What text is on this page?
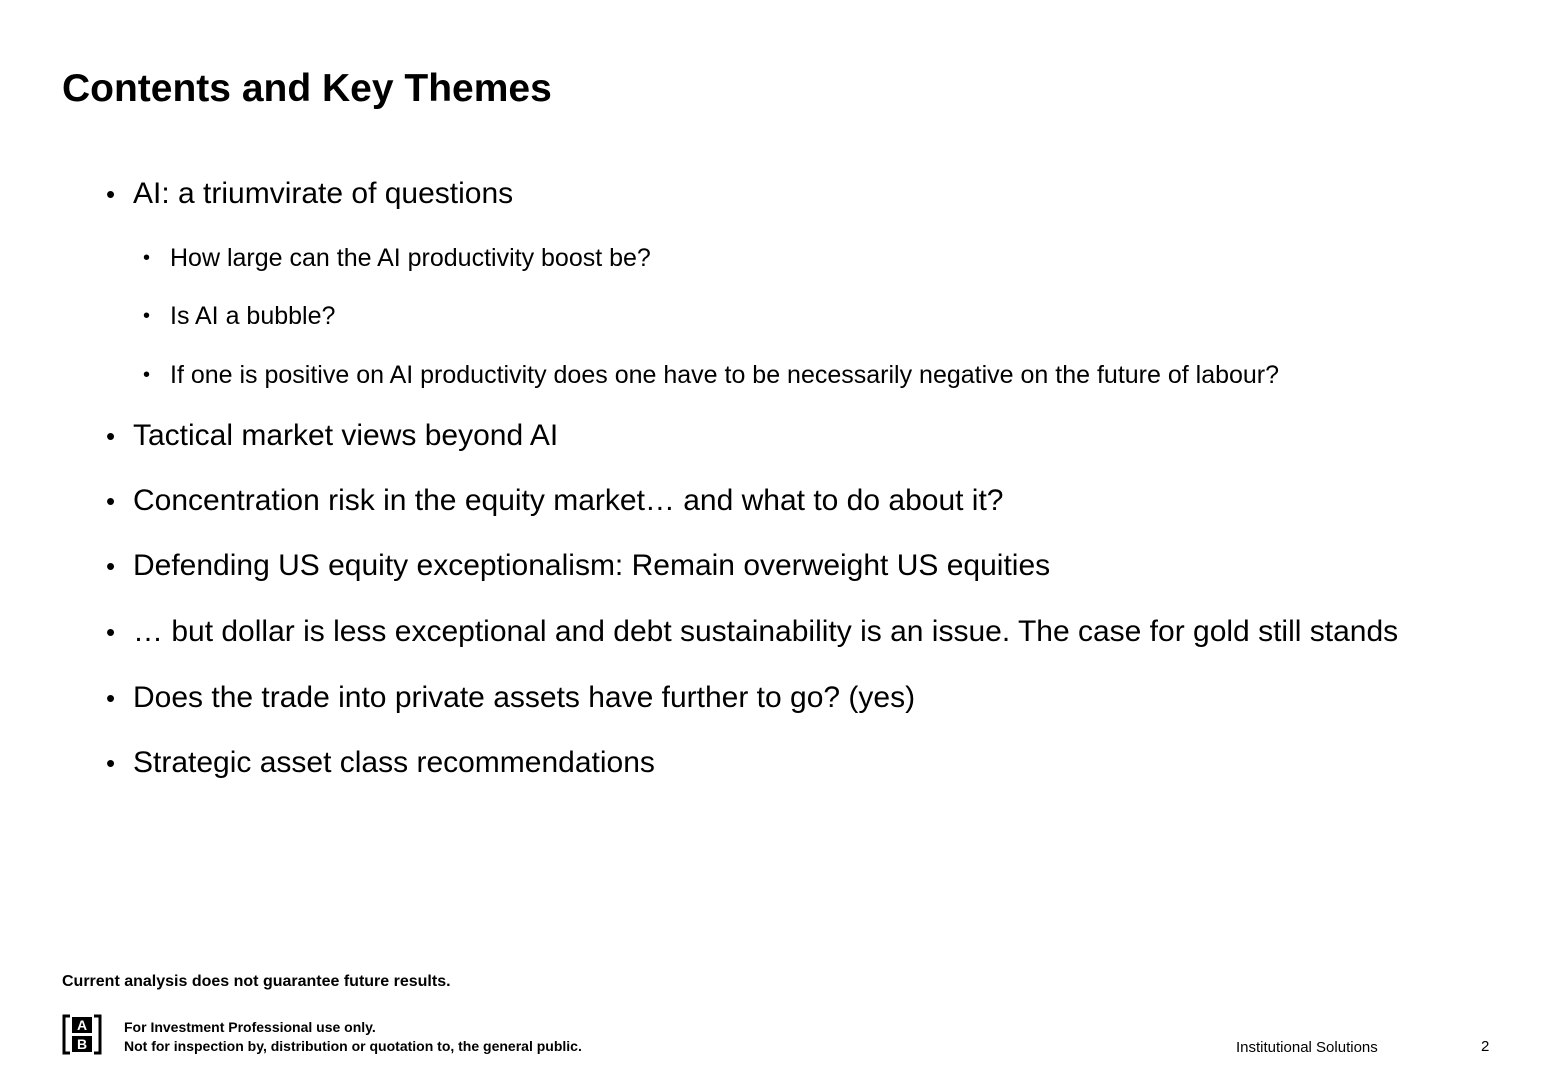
Contents and Key Themes
• AI: a triumvirate of questions
• How large can the AI productivity boost be?
• Is AI a bubble?
• If one is positive on AI productivity does one have to be necessarily negative on the future of labour?
• Tactical market views beyond AI
• Concentration risk in the equity market… and what to do about it?
• Defending US equity exceptionalism: Remain overweight US equities
• … but dollar is less exceptional and debt sustainability is an issue. The case for gold still stands
• Does the trade into private assets have further to go? (yes)
• Strategic asset class recommendations
Current analysis does not guarantee future results.
A
B
For Investment Professional use only.
Not for inspection by, distribution or quotation to, the general public.	Institutional Solutions	2
